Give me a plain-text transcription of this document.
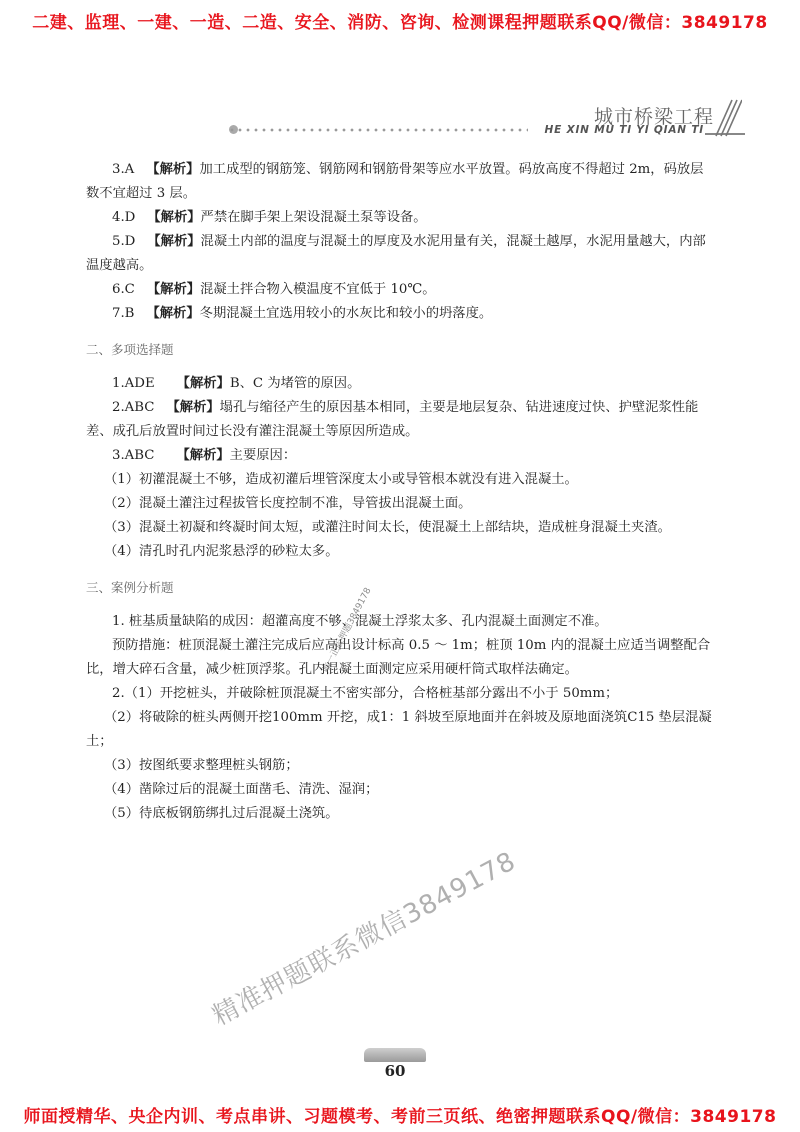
二建、监理、一建、一造、二造、安全、消防、咨询、检测课程押题联系QQ/微信：3849178
城市桥梁工程
HE XIN MU TI YI QIAN TI

3.A 【解析】加工成型的钢筋笼、钢筋网和钢筋骨架等应水平放置。码放高度不得超过 2m，码放层数不宜超过 3 层。

4.D 【解析】严禁在脚手架上架设混凝土泵等设备。

5.D 【解析】混凝土内部的温度与混凝土的厚度及水泥用量有关，混凝土越厚，水泥用量越大，内部温度越高。

6.C 【解析】混凝土拌合物入模温度不宜低于 10℃。

7.B 【解析】冬期混凝土宜选用较小的水灰比和较小的坍落度。

二、多项选择题

1.ADE 【解析】B、C 为堵管的原因。

2.ABC 【解析】塌孔与缩径产生的原因基本相同，主要是地层复杂、钻进速度过快、护壁泥浆性能差、成孔后放置时间过长没有灌注混凝土等原因所造成。

3.ABC 【解析】主要原因：

（1）初灌混凝土不够，造成初灌后埋管深度太小或导管根本就没有进入混凝土。

（2）混凝土灌注过程拔管长度控制不准，导管拔出混凝土面。

（3）混凝土初凝和终凝时间太短，或灌注时间太长，使混凝土上部结块，造成桩身混凝土夹渣。

（4）清孔时孔内泥浆悬浮的砂粒太多。

三、案例分析题

1. 桩基质量缺陷的成因：超灌高度不够、混凝土浮浆太多、孔内混凝土面测定不准。

预防措施：桩顶混凝土灌注完成后应高出设计标高 0.5 ～ 1m；桩顶 10m 内的混凝土应适当调整配合比，增大碎石含量，减少桩顶浮浆。孔内混凝土面测定应采用硬杆筒式取样法确定。

2.（1）开挖桩头，并破除桩顶混凝土不密实部分，合格桩基部分露出不小于 50mm；

（2）将破除的桩头两侧开挖100mm 开挖，成1：1 斜坡至原地面并在斜坡及原地面浇筑C15 垫层混凝土；

（3）按图纸要求整理桩头钢筋；

（4）凿除过后的混凝土面凿毛、清洗、湿润；

（5）待底板钢筋绑扎过后混凝土浇筑。

唯一正版押题3849178
精准押题联系微信3849178
60
师面授精华、央企内训、考点串讲、习题模考、考前三页纸、绝密押题联系QQ/微信：3849178
